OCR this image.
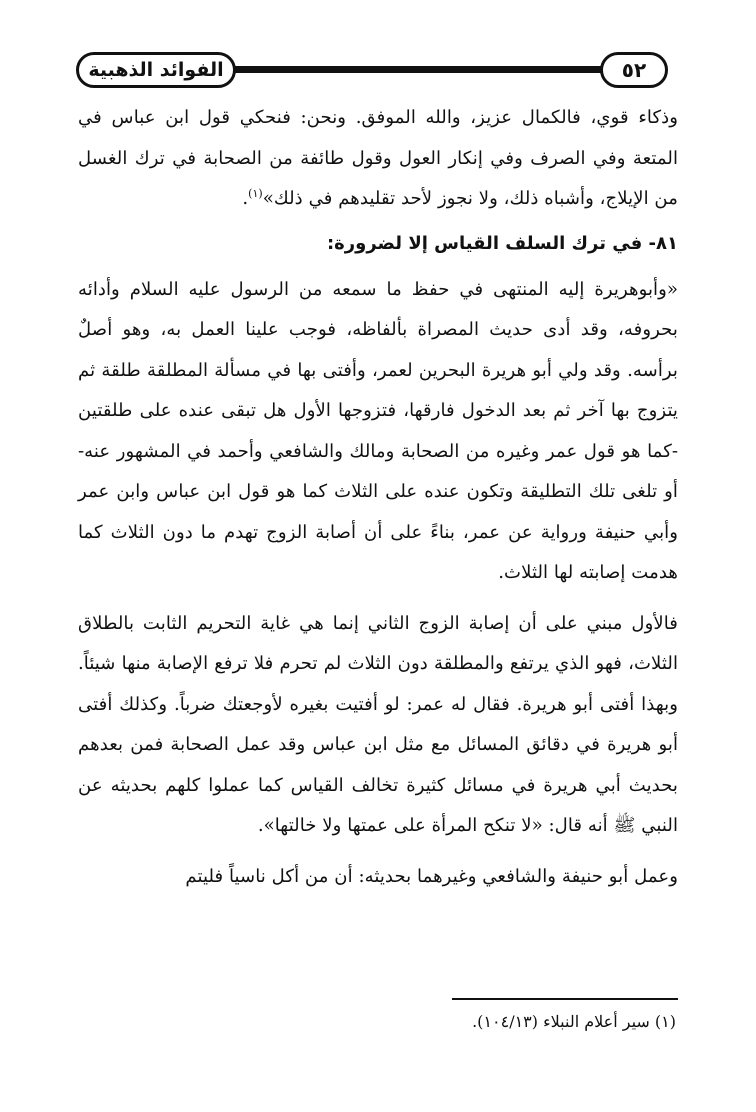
الفوائد الذهبية	٥٢

وذكاء قوي، فالكمال عزيز، والله الموفق. ونحن: فنحكي قول ابن عباس في المتعة وفي الصرف وفي إنكار العول وقول طائفة من الصحابة في ترك الغسل من الإيلاج، وأشباه ذلك، ولا نجوز لأحد تقليدهم في ذلك»$^{(١)}$.

٨١- في ترك السلف القياس إلا لضرورة:

«وأبوهريرة إليه المنتهى في حفظ ما سمعه من الرسول عليه السلام وأدائه بحروفه، وقد أدى حديث المصراة بألفاظه، فوجب علينا العمل به، وهو أصلٌ برأسه. وقد ولي أبو هريرة البحرين لعمر، وأفتى بها في مسألة المطلقة طلقة ثم يتزوج بها آخر ثم بعد الدخول فارقها، فتزوجها الأول هل تبقى عنده على طلقتين -كما هو قول عمر وغيره من الصحابة ومالك والشافعي وأحمد في المشهور عنه- أو تلغى تلك التطليقة وتكون عنده على الثلاث كما هو قول ابن عباس وابن عمر وأبي حنيفة ورواية عن عمر، بناءً على أن أصابة الزوج تهدم ما دون الثلاث كما هدمت إصابته لها الثلاث.

فالأول مبني على أن إصابة الزوج الثاني إنما هي غاية التحريم الثابت بالطلاق الثلاث، فهو الذي يرتفع والمطلقة دون الثلاث لم تحرم فلا ترفع الإصابة منها شيئاً. وبهذا أفتى أبو هريرة. فقال له عمر: لو أفتيت بغيره لأوجعتك ضرباً. وكذلك أفتى أبو هريرة في دقائق المسائل مع مثل ابن عباس وقد عمل الصحابة فمن بعدهم بحديث أبي هريرة في مسائل كثيرة تخالف القياس كما عملوا كلهم بحديثه عن النبي ﷺ أنه قال: «لا تنكح المرأة على عمتها ولا خالتها».

وعمل أبو حنيفة والشافعي وغيرهما بحديثه: أن من أكل ناسياً فليتم

(١) سير أعلام النبلاء (١٠٤/١٣).
